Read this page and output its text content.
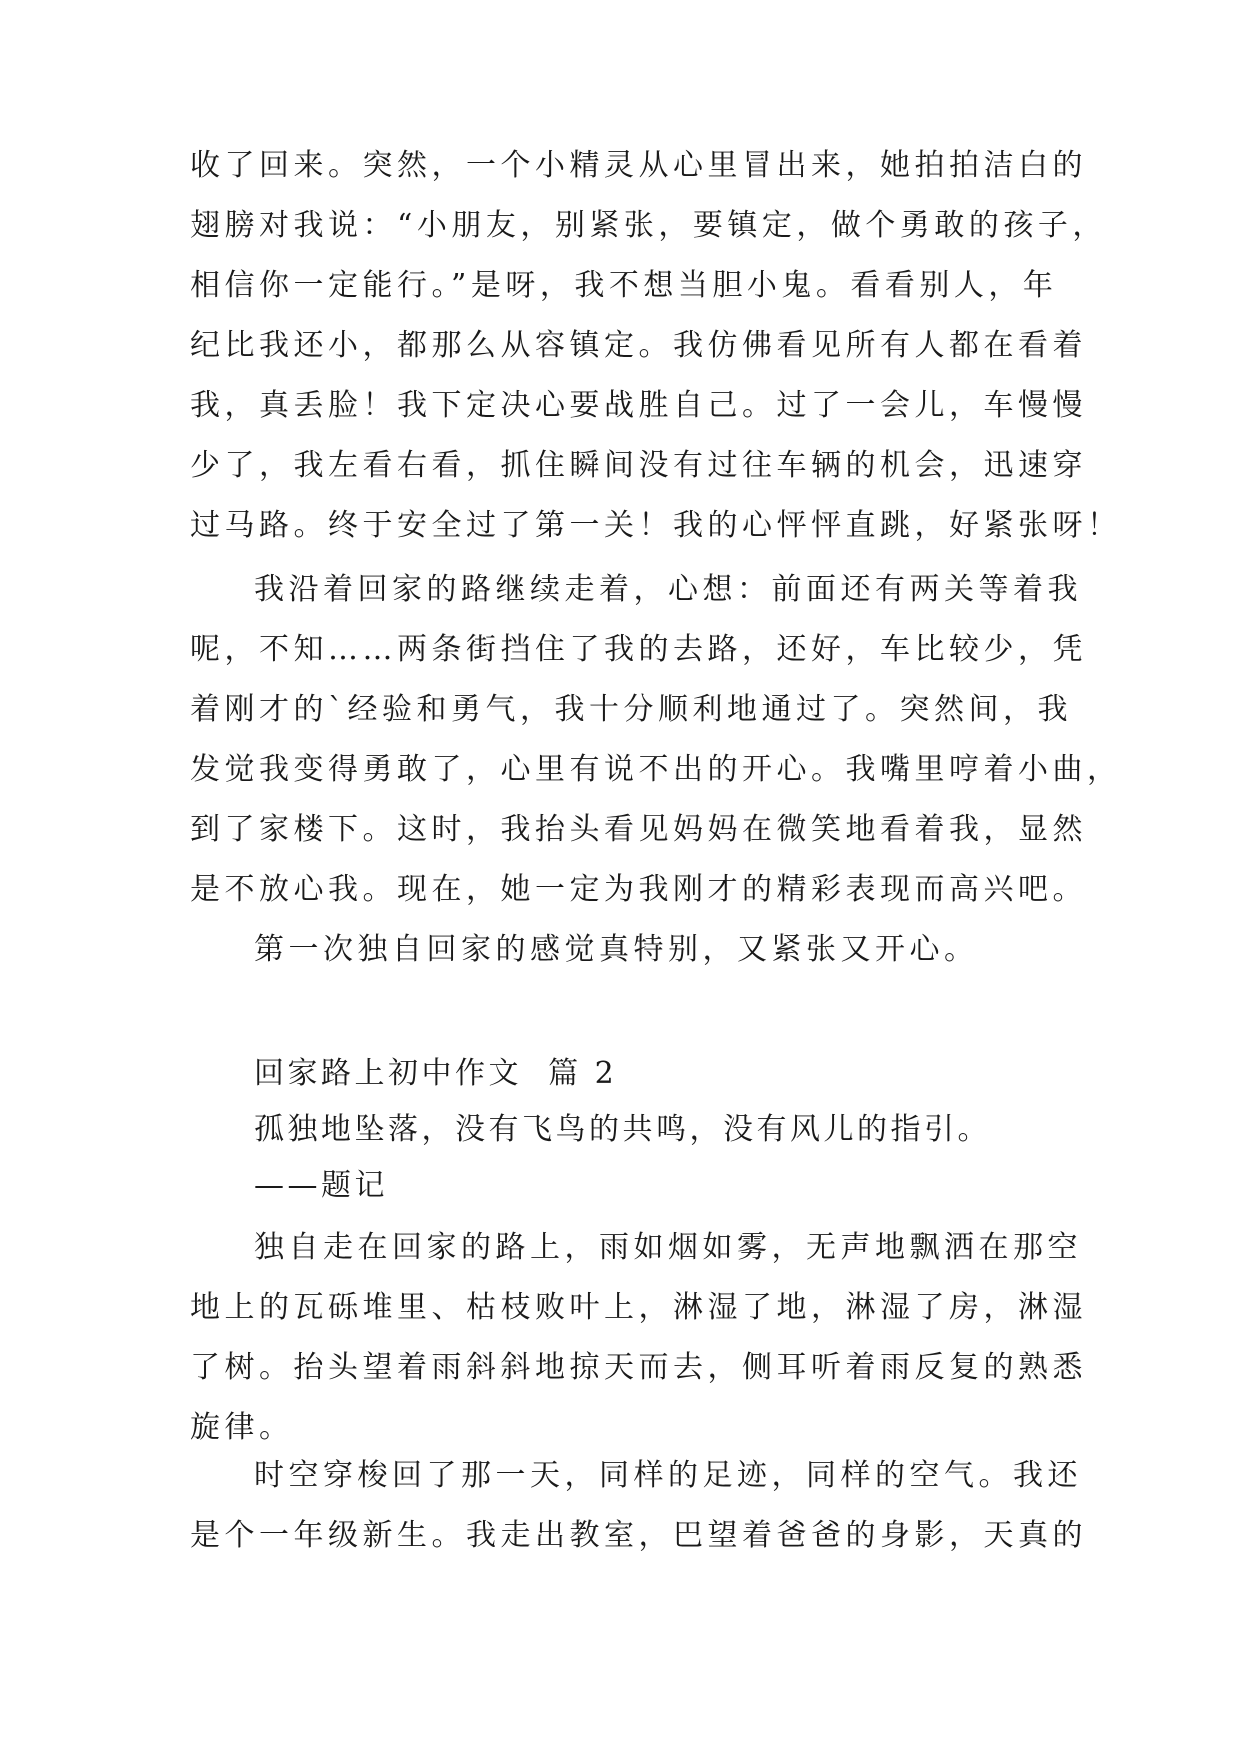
收了回来。突然，一个小精灵从心里冒出来，她拍拍洁白的
翅膀对我说：“小朋友，别紧张，要镇定，做个勇敢的孩子，
相信你一定能行。”是呀，我不想当胆小鬼。看看别人，年
纪比我还小，都那么从容镇定。我仿佛看见所有人都在看着
我，真丢脸！我下定决心要战胜自己。过了一会儿，车慢慢
少了，我左看右看，抓住瞬间没有过往车辆的机会，迅速穿
过马路。终于安全过了第一关！我的心怦怦直跳，好紧张呀！
我沿着回家的路继续走着，心想：前面还有两关等着我
呢，不知……两条街挡住了我的去路，还好，车比较少，凭
着刚才的`经验和勇气，我十分顺利地通过了。突然间，我
发觉我变得勇敢了，心里有说不出的开心。我嘴里哼着小曲，
到了家楼下。这时，我抬头看见妈妈在微笑地看着我，显然
是不放心我。现在，她一定为我刚才的精彩表现而高兴吧。
第一次独自回家的感觉真特别，又紧张又开心。
回家路上初中作文  篇 2
孤独地坠落，没有飞鸟的共鸣，没有风儿的指引。
——题记
独自走在回家的路上，雨如烟如雾，无声地飘洒在那空
地上的瓦砾堆里、枯枝败叶上，淋湿了地，淋湿了房，淋湿
了树。抬头望着雨斜斜地掠天而去，侧耳听着雨反复的熟悉
旋律。
时空穿梭回了那一天，同样的足迹，同样的空气。我还
是个一年级新生。我走出教室，巴望着爸爸的身影，天真的
